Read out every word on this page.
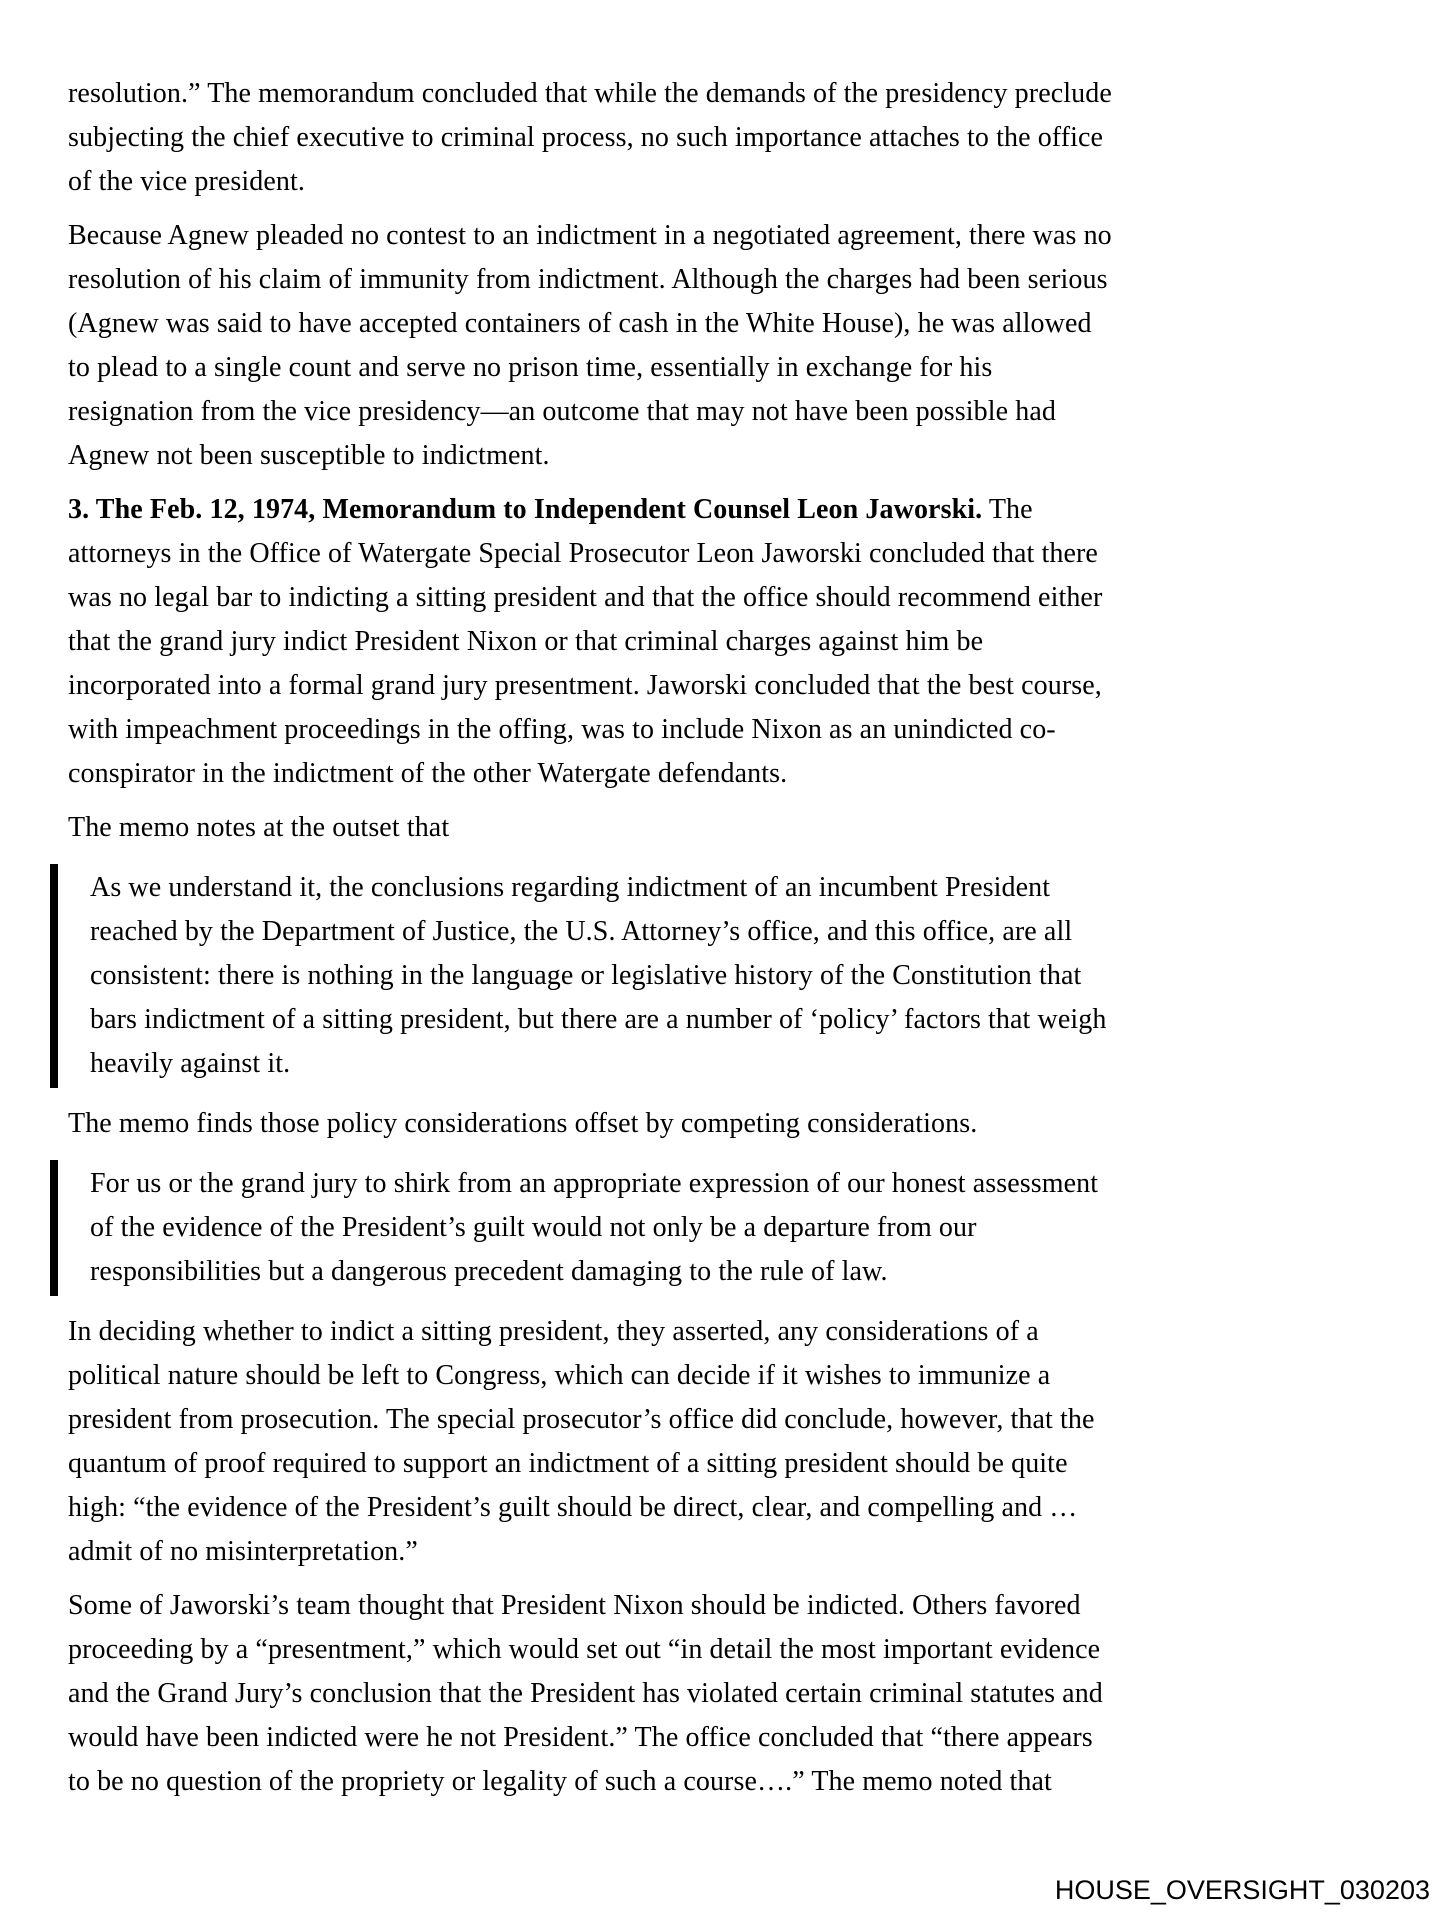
resolution.” The memorandum concluded that while the demands of the presidency preclude subjecting the chief executive to criminal process, no such importance attaches to the office of the vice president.

Because Agnew pleaded no contest to an indictment in a negotiated agreement, there was no resolution of his claim of immunity from indictment. Although the charges had been serious (Agnew was said to have accepted containers of cash in the White House), he was allowed to plead to a single count and serve no prison time, essentially in exchange for his resignation from the vice presidency—an outcome that may not have been possible had Agnew not been susceptible to indictment.

3. The Feb. 12, 1974, Memorandum to Independent Counsel Leon Jaworski. The attorneys in the Office of Watergate Special Prosecutor Leon Jaworski concluded that there was no legal bar to indicting a sitting president and that the office should recommend either that the grand jury indict President Nixon or that criminal charges against him be incorporated into a formal grand jury presentment. Jaworski concluded that the best course, with impeachment proceedings in the offing, was to include Nixon as an unindicted co-conspirator in the indictment of the other Watergate defendants.

The memo notes at the outset that

As we understand it, the conclusions regarding indictment of an incumbent President reached by the Department of Justice, the U.S. Attorney’s office, and this office, are all consistent: there is nothing in the language or legislative history of the Constitution that bars indictment of a sitting president, but there are a number of ‘policy’ factors that weigh heavily against it.

The memo finds those policy considerations offset by competing considerations.

For us or the grand jury to shirk from an appropriate expression of our honest assessment of the evidence of the President’s guilt would not only be a departure from our responsibilities but a dangerous precedent damaging to the rule of law.

In deciding whether to indict a sitting president, they asserted, any considerations of a political nature should be left to Congress, which can decide if it wishes to immunize a president from prosecution. The special prosecutor’s office did conclude, however, that the quantum of proof required to support an indictment of a sitting president should be quite high: “the evidence of the President’s guilt should be direct, clear, and compelling and … admit of no misinterpretation.”

Some of Jaworski’s team thought that President Nixon should be indicted. Others favored proceeding by a “presentment,” which would set out “in detail the most important evidence and the Grand Jury’s conclusion that the President has violated certain criminal statutes and would have been indicted were he not President.” The office concluded that “there appears to be no question of the propriety or legality of such a course….” The memo noted that

HOUSE_OVERSIGHT_030203
